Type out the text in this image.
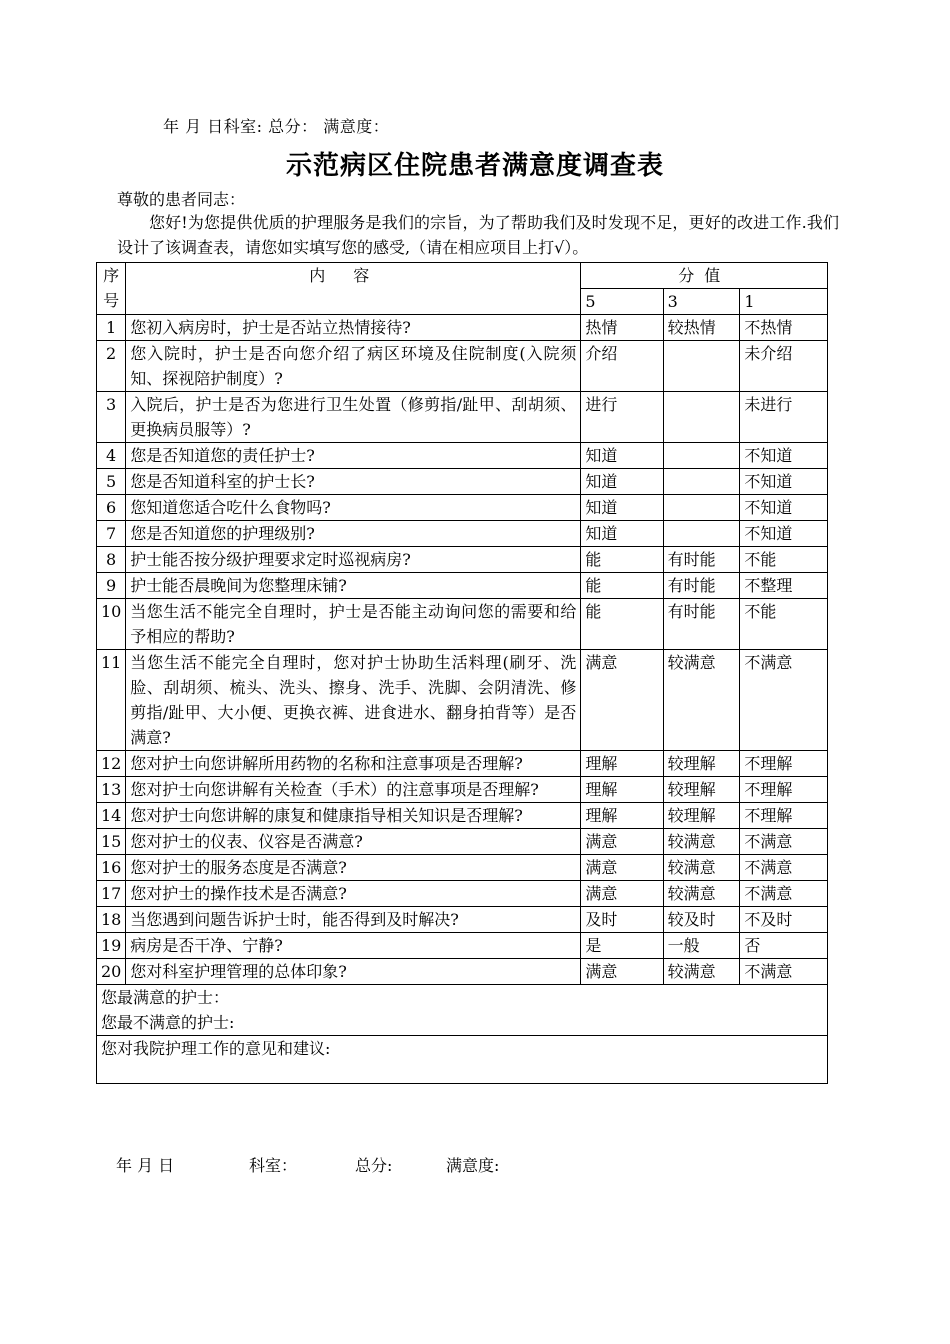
年 月 日科室: 总分： 满意度：
示范病区住院患者满意度调查表
尊敬的患者同志：
您好!为您提供优质的护理服务是我们的宗旨，为了帮助我们及时发现不足，更好的改进工作.我们设计了该调查表，请您如实填写您的感受,（请在相应项目上打√）。
序号	内容	分值		
		5	3	1
1	您初入病房时，护士是否站立热情接待?	热情	较热情	不热情
2	您入院时，护士是否向您介绍了病区环境及住院制度(入院须知、探视陪护制度）?	介绍		未介绍
3	入院后，护士是否为您进行卫生处置（修剪指/趾甲、刮胡须、更换病员服等）?	进行		未进行
4	您是否知道您的责任护士?	知道		不知道
5	您是否知道科室的护士长?	知道		不知道
6	您知道您适合吃什么食物吗?	知道		不知道
7	您是否知道您的护理级别?	知道		不知道
8	护士能否按分级护理要求定时巡视病房?	能	有时能	不能
9	护士能否晨晚间为您整理床铺?	能	有时能	不整理
10	当您生活不能完全自理时，护士是否能主动询问您的需要和给予相应的帮助?	能	有时能	不能
11	当您生活不能完全自理时，您对护士协助生活料理(刷牙、洗脸、刮胡须、梳头、洗头、擦身、洗手、洗脚、会阴清洗、修剪指/趾甲、大小便、更换衣裤、进食进水、翻身拍背等）是否满意?	满意	较满意	不满意
12	您对护士向您讲解所用药物的名称和注意事项是否理解?	理解	较理解	不理解
13	您对护士向您讲解有关检查（手术）的注意事项是否理解?	理解	较理解	不理解
14	您对护士向您讲解的康复和健康指导相关知识是否理解?	理解	较理解	不理解
15	您对护士的仪表、仪容是否满意?	满意	较满意	不满意
16	您对护士的服务态度是否满意?	满意	较满意	不满意
17	您对护士的操作技术是否满意?	满意	较满意	不满意
18	当您遇到问题告诉护士时，能否得到及时解决?	及时	较及时	不及时
19	病房是否干净、宁静?	是	一般	否
20	您对科室护理管理的总体印象?	满意	较满意	不满意

您最满意的护士：
您最不满意的护士:				

您对我院护理工作的意见和建议:				
年 月 日	科室：	总分:	满意度:
